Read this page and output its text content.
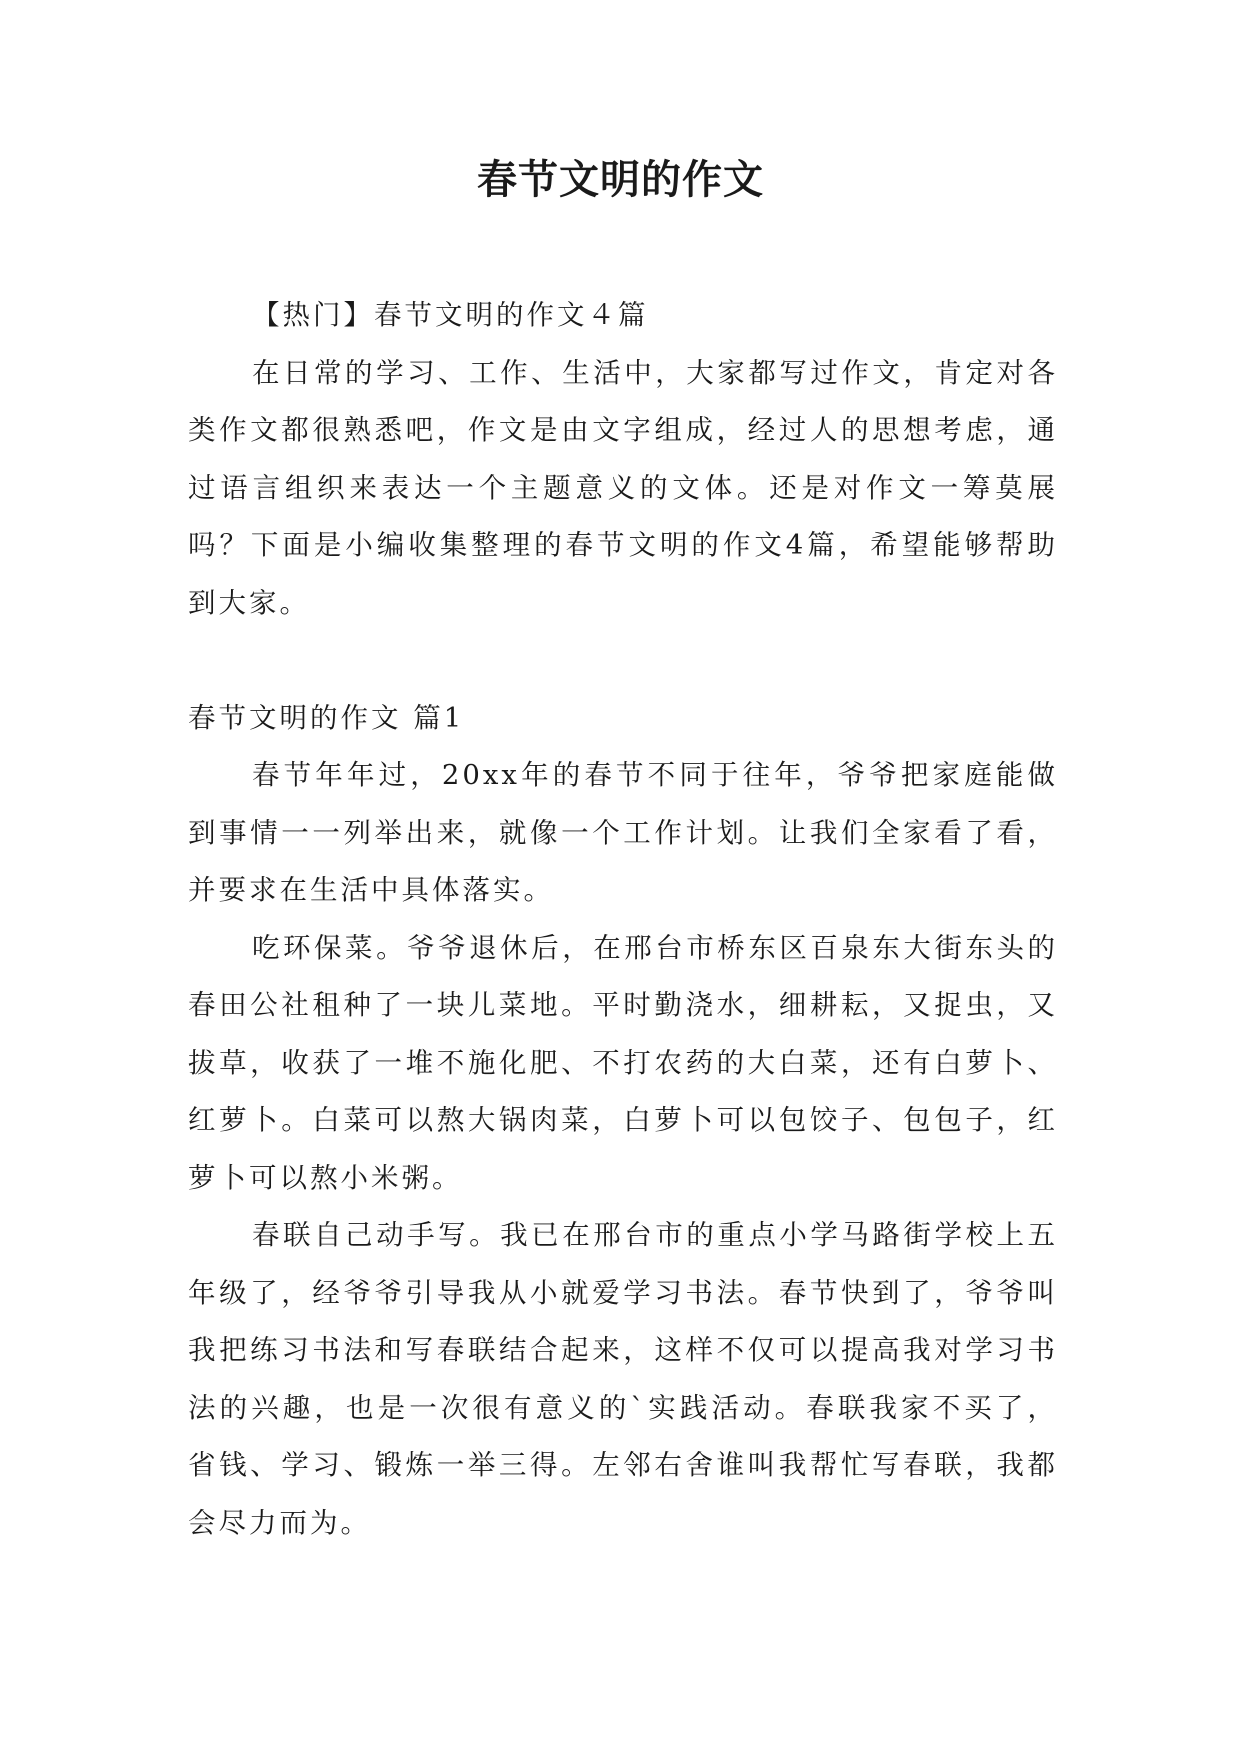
春节文明的作文

【热门】春节文明的作文４篇

在日常的学习、工作、生活中，大家都写过作文，肯定对各类作文都很熟悉吧，作文是由文字组成，经过人的思想考虑，通过语言组织来表达一个主题意义的文体。还是对作文一筹莫展吗？下面是小编收集整理的春节文明的作文4篇，希望能够帮助到大家。

春节文明的作文 篇1

春节年年过，20xx年的春节不同于往年，爷爷把家庭能做到事情一一列举出来，就像一个工作计划。让我们全家看了看，并要求在生活中具体落实。

吃环保菜。爷爷退休后，在邢台市桥东区百泉东大街东头的春田公社租种了一块儿菜地。平时勤浇水，细耕耘，又捉虫，又拔草，收获了一堆不施化肥、不打农药的大白菜，还有白萝卜、红萝卜。白菜可以熬大锅肉菜，白萝卜可以包饺子、包包子，红萝卜可以熬小米粥。

春联自己动手写。我已在邢台市的重点小学马路街学校上五年级了，经爷爷引导我从小就爱学习书法。春节快到了，爷爷叫我把练习书法和写春联结合起来，这样不仅可以提高我对学习书法的兴趣，也是一次很有意义的`实践活动。春联我家不买了，省钱、学习、锻炼一举三得。左邻右舍谁叫我帮忙写春联，我都会尽力而为。
